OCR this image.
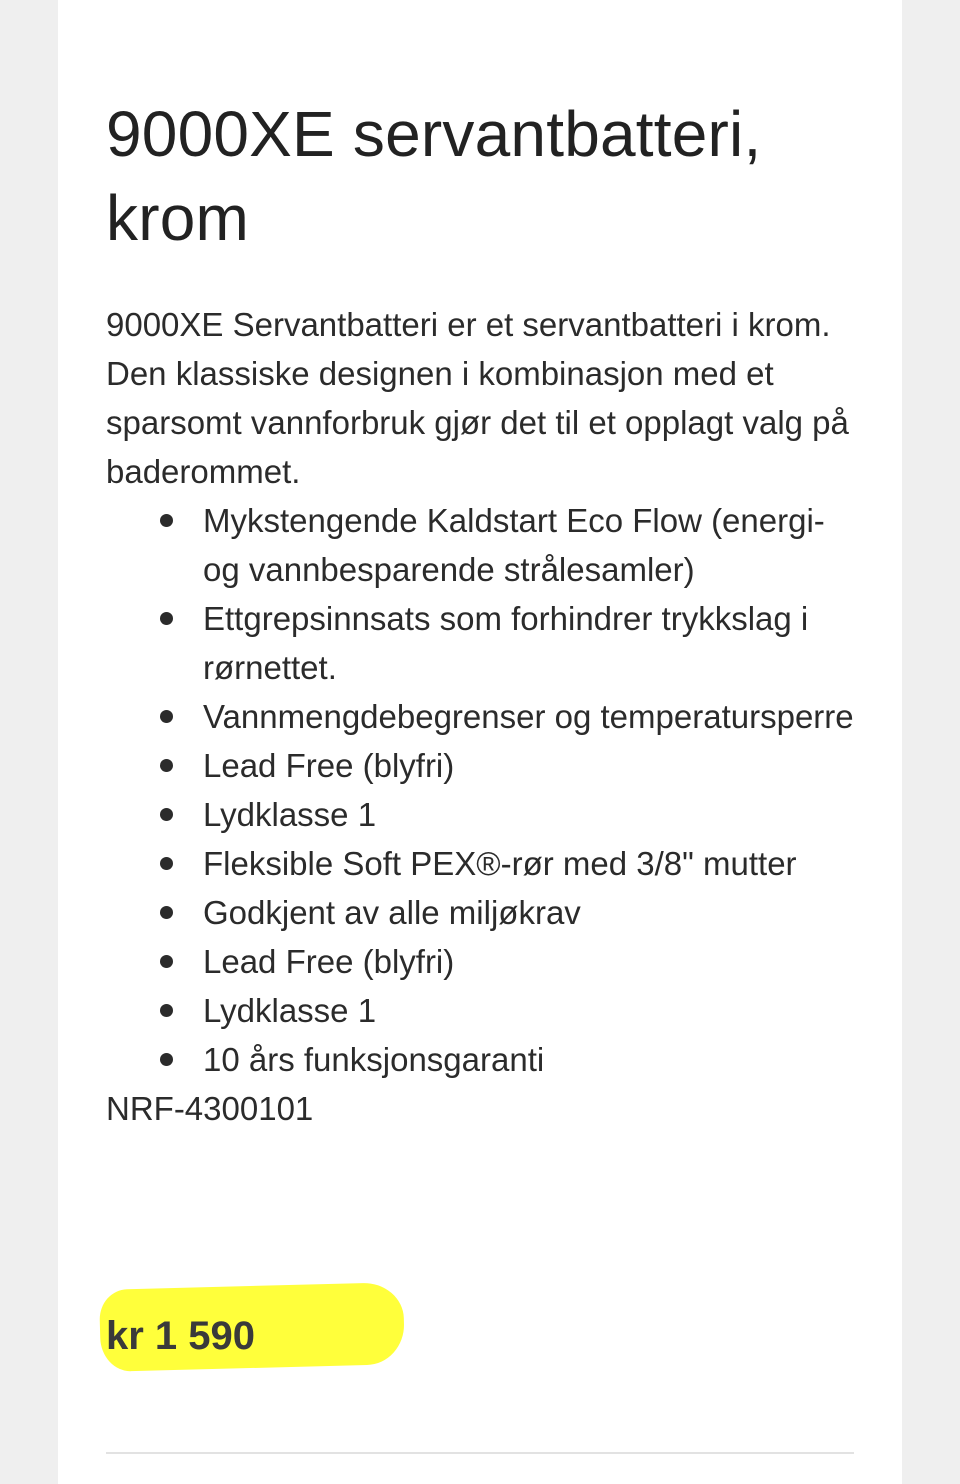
9000XE servantbatteri, krom
9000XE Servantbatteri er et servantbatteri i krom. Den klassiske designen i kombinasjon med et sparsomt vannforbruk gjør det til et opplagt valg på baderommet.
Mykstengende Kaldstart Eco Flow (energi- og vannbesparende strålesamler)
Ettgrepsinnsats som forhindrer trykkslag i rørnettet.
Vannmengdebegrenser og temperatursperre
Lead Free (blyfri)
Lydklasse 1
Fleksible Soft PEX®-rør med 3/8" mutter
Godkjent av alle miljøkrav
Lead Free (blyfri)
Lydklasse 1
10 års funksjonsgaranti
NRF-4300101
kr 1 590
